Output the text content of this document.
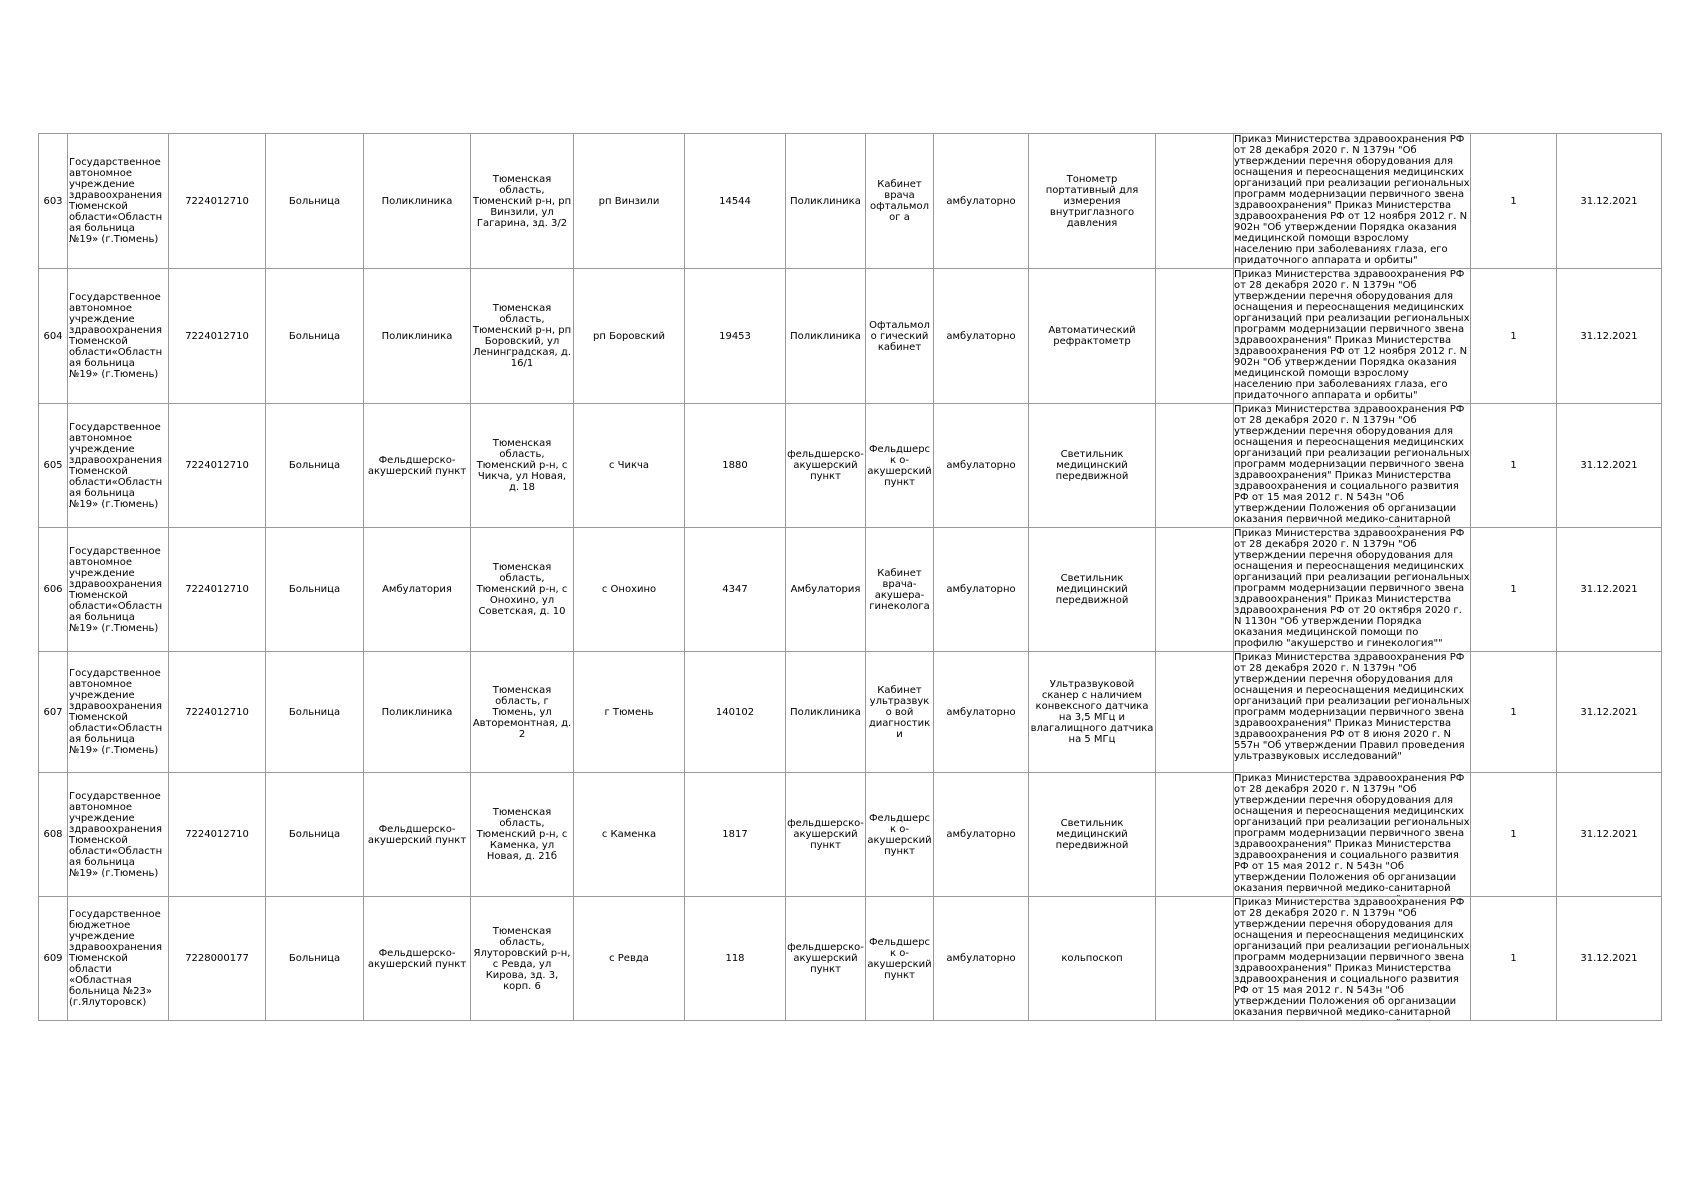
603	Государственное автономное учреждение здравоохранения Тюменской области«Областная больница №19» (г.Тюмень)	7224012710	Больница	Поликлиника	Тюменская область, Тюменский р-н, рп Винзили, ул Гагарина, зд. 3/2	рп Винзили	14544	Поликлиника	Кабинет врача офтальмолог а	амбулаторно	Тонометр портативный для измерения внутриглазного давления		Приказ Министерства здравоохранения РФ от 28 декабря 2020 г. N 1379н "Об утверждении перечня оборудования для оснащения и переоснащения медицинских организаций при реализации региональных программ модернизации первичного звена здравоохранения" Приказ Министерства здравоохранения РФ от 12 ноября 2012 г. N 902н "Об утверждении Порядка оказания медицинской помощи взрослому населению при заболеваниях глаза, его придаточного аппарата и орбиты"	1	31.12.2021
604	Государственное автономное учреждение здравоохранения Тюменской области«Областная больница №19» (г.Тюмень)	7224012710	Больница	Поликлиника	Тюменская область, Тюменский р-н, рп Боровский, ул Ленинградская, д. 16/1	рп Боровский	19453	Поликлиника	Офтальмоло гический кабинет	амбулаторно	Автоматический рефрактометр		Приказ Министерства здравоохранения РФ от 28 декабря 2020 г. N 1379н "Об утверждении перечня оборудования для оснащения и переоснащения медицинских организаций при реализации региональных программ модернизации первичного звена здравоохранения" Приказ Министерства здравоохранения РФ от 12 ноября 2012 г. N 902н "Об утверждении Порядка оказания медицинской помощи взрослому населению при заболеваниях глаза, его придаточного аппарата и орбиты"	1	31.12.2021
605	Государственное автономное учреждение здравоохранения Тюменской области«Областная больница №19» (г.Тюмень)	7224012710	Больница	Фельдшерско-акушерский пункт	Тюменская область, Тюменский р-н, с Чикча, ул Новая, д. 18	с Чикча	1880	фельдшерско-акушерский пункт	Фельдшерск о-акушерский пункт	амбулаторно	Светильник медицинский передвижной		Приказ Министерства здравоохранения РФ от 28 декабря 2020 г. N 1379н "Об утверждении перечня оборудования для оснащения и переоснащения медицинских организаций при реализации региональных программ модернизации первичного звена здравоохранения" Приказ Министерства здравоохранения и социального развития РФ от 15 мая 2012 г. N 543н "Об утверждении Положения об организации оказания первичной медико-санитарной	1	31.12.2021
606	Государственное автономное учреждение здравоохранения Тюменской области«Областная больница №19» (г.Тюмень)	7224012710	Больница	Амбулатория	Тюменская область, Тюменский р-н, с Онохино, ул Советская, д. 10	с Онохино	4347	Амбулатория	Кабинет врача-акушера-гинеколога	амбулаторно	Светильник медицинский передвижной		Приказ Министерства здравоохранения РФ от 28 декабря 2020 г. N 1379н "Об утверждении перечня оборудования для оснащения и переоснащения медицинских организаций при реализации региональных программ модернизации первичного звена здравоохранения" Приказ Министерства здравоохранения РФ от 20 октября 2020 г. N 1130н "Об утверждении Порядка оказания медицинской помощи по профилю "акушерство и гинекология""	1	31.12.2021
607	Государственное автономное учреждение здравоохранения Тюменской области«Областная больница №19» (г.Тюмень)	7224012710	Больница	Поликлиника	Тюменская область, г Тюмень, ул Авторемонтная, д. 2	г Тюмень	140102	Поликлиника	Кабинет ультразвуко вой диагностики	амбулаторно	Ультразвуковой сканер с наличием конвексного датчика на 3,5 МГц и влагалищного датчика на 5 МГц		Приказ Министерства здравоохранения РФ от 28 декабря 2020 г. N 1379н "Об утверждении перечня оборудования для оснащения и переоснащения медицинских организаций при реализации региональных программ модернизации первичного звена здравоохранения" Приказ Министерства здравоохранения РФ от 8 июня 2020 г. N 557н "Об утверждении Правил проведения ультразвуковых исследований"	1	31.12.2021
608	Государственное автономное учреждение здравоохранения Тюменской области«Областная больница №19» (г.Тюмень)	7224012710	Больница	Фельдшерско-акушерский пункт	Тюменская область, Тюменский р-н, с Каменка, ул Новая, д. 21б	с Каменка	1817	фельдшерско-акушерский пункт	Фельдшерск о-акушерский пункт	амбулаторно	Светильник медицинский передвижной		Приказ Министерства здравоохранения РФ от 28 декабря 2020 г. N 1379н "Об утверждении перечня оборудования для оснащения и переоснащения медицинских организаций при реализации региональных программ модернизации первичного звена здравоохранения" Приказ Министерства здравоохранения и социального развития РФ от 15 мая 2012 г. N 543н "Об утверждении Положения об организации оказания первичной медико-санитарной	1	31.12.2021
609	Государственное бюджетное учреждение здравоохранения Тюменской области «Областная больница №23» (г.Ялуторовск)	7228000177	Больница	Фельдшерско-акушерский пункт	Тюменская область, Ялуторовский р-н, с Ревда, ул Кирова, зд. 3, корп. 6	с Ревда	118	фельдшерско-акушерский пункт	Фельдшерск о-акушерский пункт	амбулаторно	кольпоскоп		Приказ Министерства здравоохранения РФ от 28 декабря 2020 г. N 1379н "Об утверждении перечня оборудования для оснащения и переоснащения медицинских организаций при реализации региональных программ модернизации первичного звена здравоохранения" Приказ Министерства здравоохранения и социального развития РФ от 15 мая 2012 г. N 543н "Об утверждении Положения об организации оказания первичной медико-санитарной	1	31.12.2021
